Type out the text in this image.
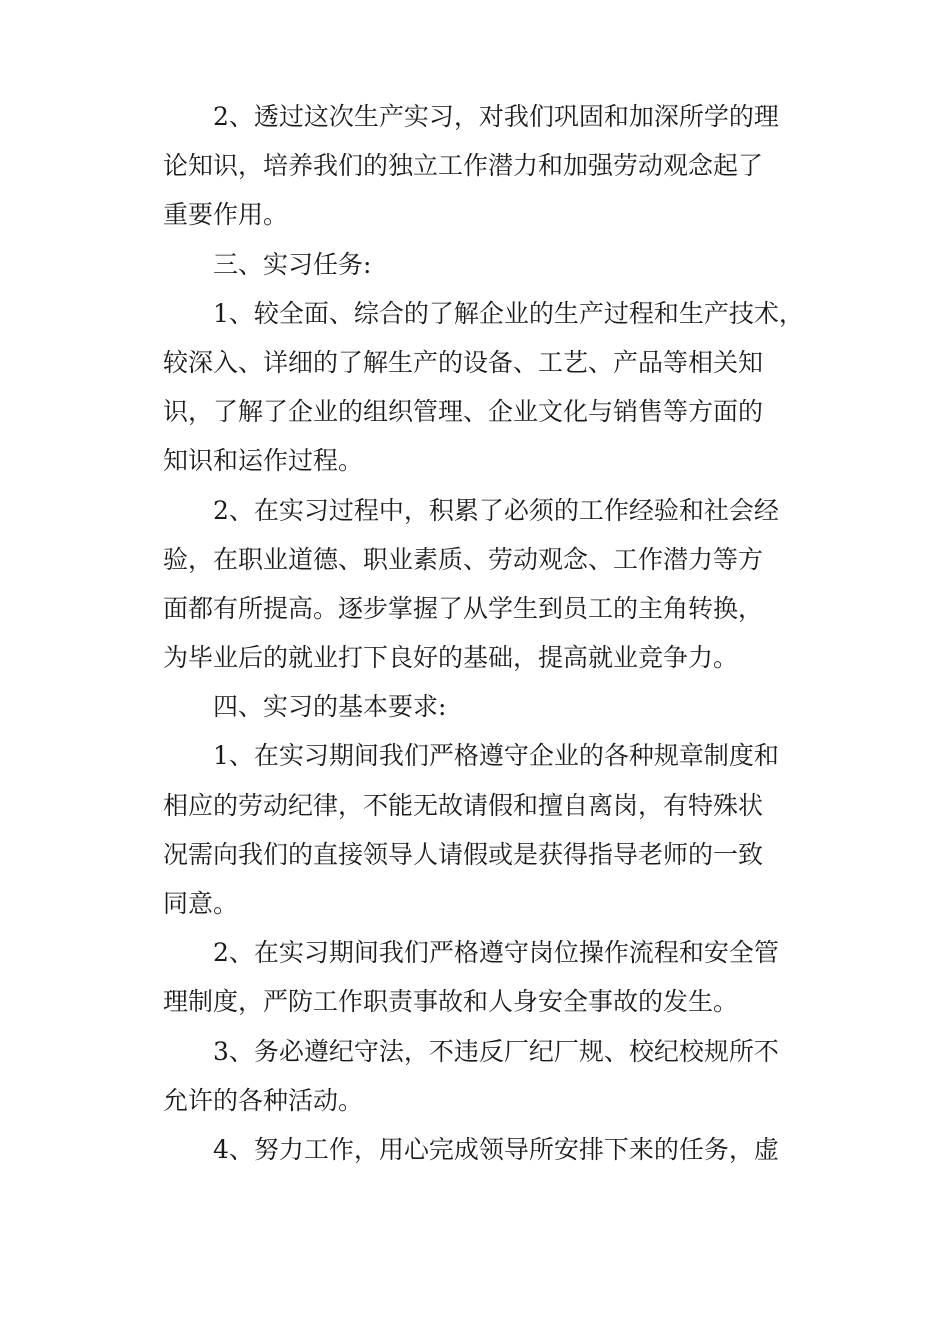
2、透过这次生产实习，对我们巩固和加深所学的理
论知识，培养我们的独立工作潜力和加强劳动观念起了
重要作用。
三、实习任务:
1、较全面、综合的了解企业的生产过程和生产技术，
较深入、详细的了解生产的设备、工艺、产品等相关知
识，了解了企业的组织管理、企业文化与销售等方面的
知识和运作过程。
2、在实习过程中，积累了必须的工作经验和社会经
验，在职业道德、职业素质、劳动观念、工作潜力等方
面都有所提高。逐步掌握了从学生到员工的主角转换，
为毕业后的就业打下良好的基础，提高就业竞争力。
四、实习的基本要求:
1、在实习期间我们严格遵守企业的各种规章制度和
相应的劳动纪律，不能无故请假和擅自离岗，有特殊状
况需向我们的直接领导人请假或是获得指导老师的一致
同意。
2、在实习期间我们严格遵守岗位操作流程和安全管
理制度，严防工作职责事故和人身安全事故的发生。
3、务必遵纪守法，不违反厂纪厂规、校纪校规所不
允许的各种活动。
4、努力工作，用心完成领导所安排下来的任务，虚
